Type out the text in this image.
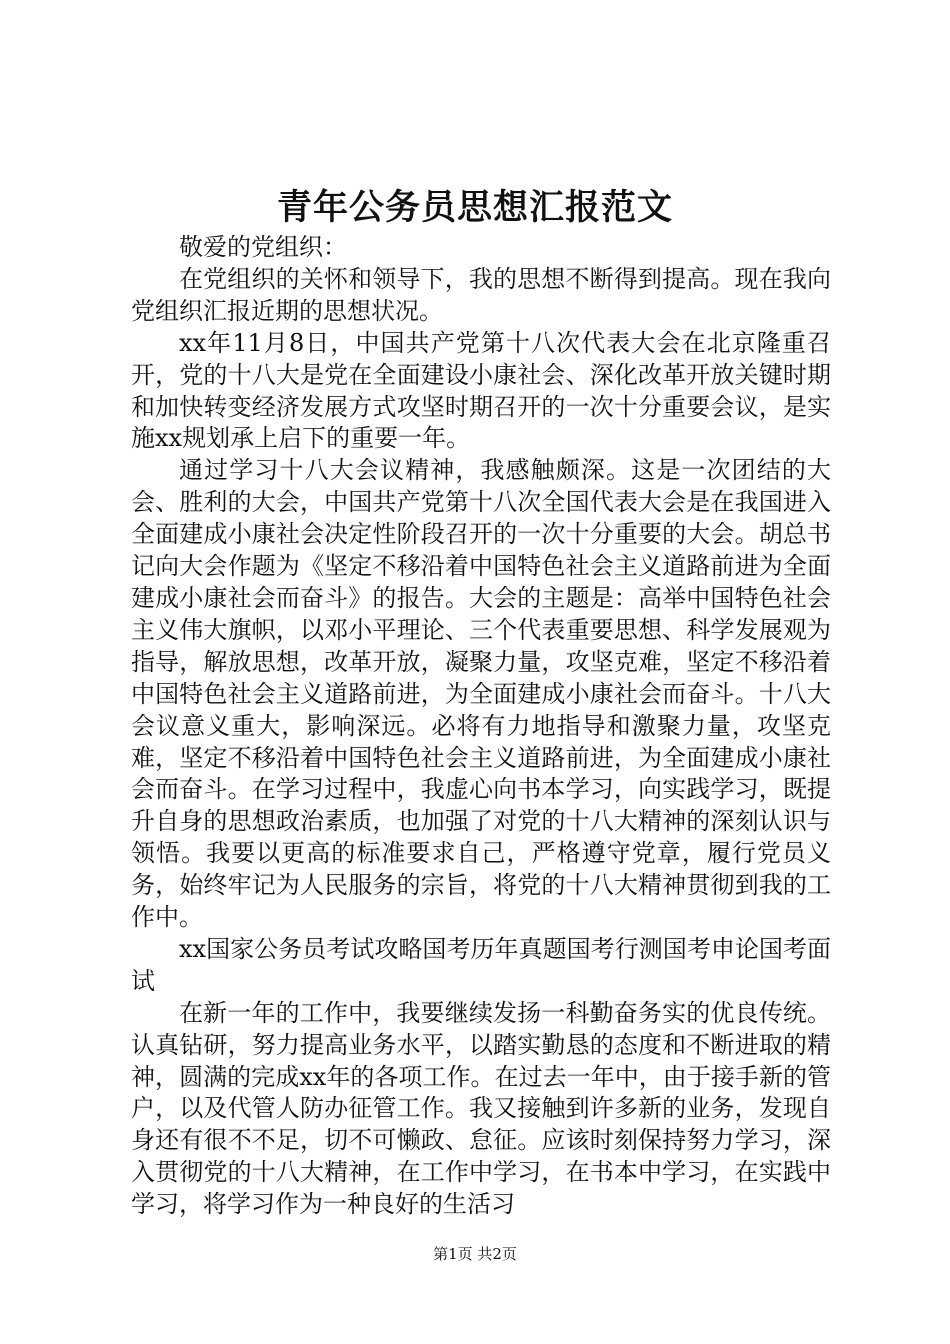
青年公务员思想汇报范文

敬爱的党组织：

在党组织的关怀和领导下，我的思想不断得到提高。现在我向党组织汇报近期的思想状况。

xx年11月8日，中国共产党第十八次代表大会在北京隆重召开，党的十八大是党在全面建设小康社会、深化改革开放关键时期和加快转变经济发展方式攻坚时期召开的一次十分重要会议，是实施xx规划承上启下的重要一年。

通过学习十八大会议精神，我感触颇深。这是一次团结的大会、胜利的大会，中国共产党第十八次全国代表大会是在我国进入全面建成小康社会决定性阶段召开的一次十分重要的大会。胡总书记向大会作题为《坚定不移沿着中国特色社会主义道路前进为全面建成小康社会而奋斗》的报告。大会的主题是：高举中国特色社会主义伟大旗帜，以邓小平理论、三个代表重要思想、科学发展观为指导，解放思想，改革开放，凝聚力量，攻坚克难，坚定不移沿着中国特色社会主义道路前进，为全面建成小康社会而奋斗。十八大会议意义重大，影响深远。必将有力地指导和激聚力量，攻坚克难，坚定不移沿着中国特色社会主义道路前进，为全面建成小康社会而奋斗。在学习过程中，我虚心向书本学习，向实践学习，既提升自身的思想政治素质，也加强了对党的十八大精神的深刻认识与领悟。我要以更高的标准要求自己，严格遵守党章，履行党员义务，始终牢记为人民服务的宗旨，将党的十八大精神贯彻到我的工作中。

xx国家公务员考试攻略国考历年真题国考行测国考申论国考面试

在新一年的工作中，我要继续发扬一科勤奋务实的优良传统。认真钻研，努力提高业务水平，以踏实勤恳的态度和不断进取的精神，圆满的完成xx年的各项工作。在过去一年中，由于接手新的管户，以及代管人防办征管工作。我又接触到许多新的业务，发现自身还有很不不足，切不可懒政、怠征。应该时刻保持努力学习，深入贯彻党的十八大精神，在工作中学习，在书本中学习，在实践中学习，将学习作为一种良好的生活习

第1页 共2页
